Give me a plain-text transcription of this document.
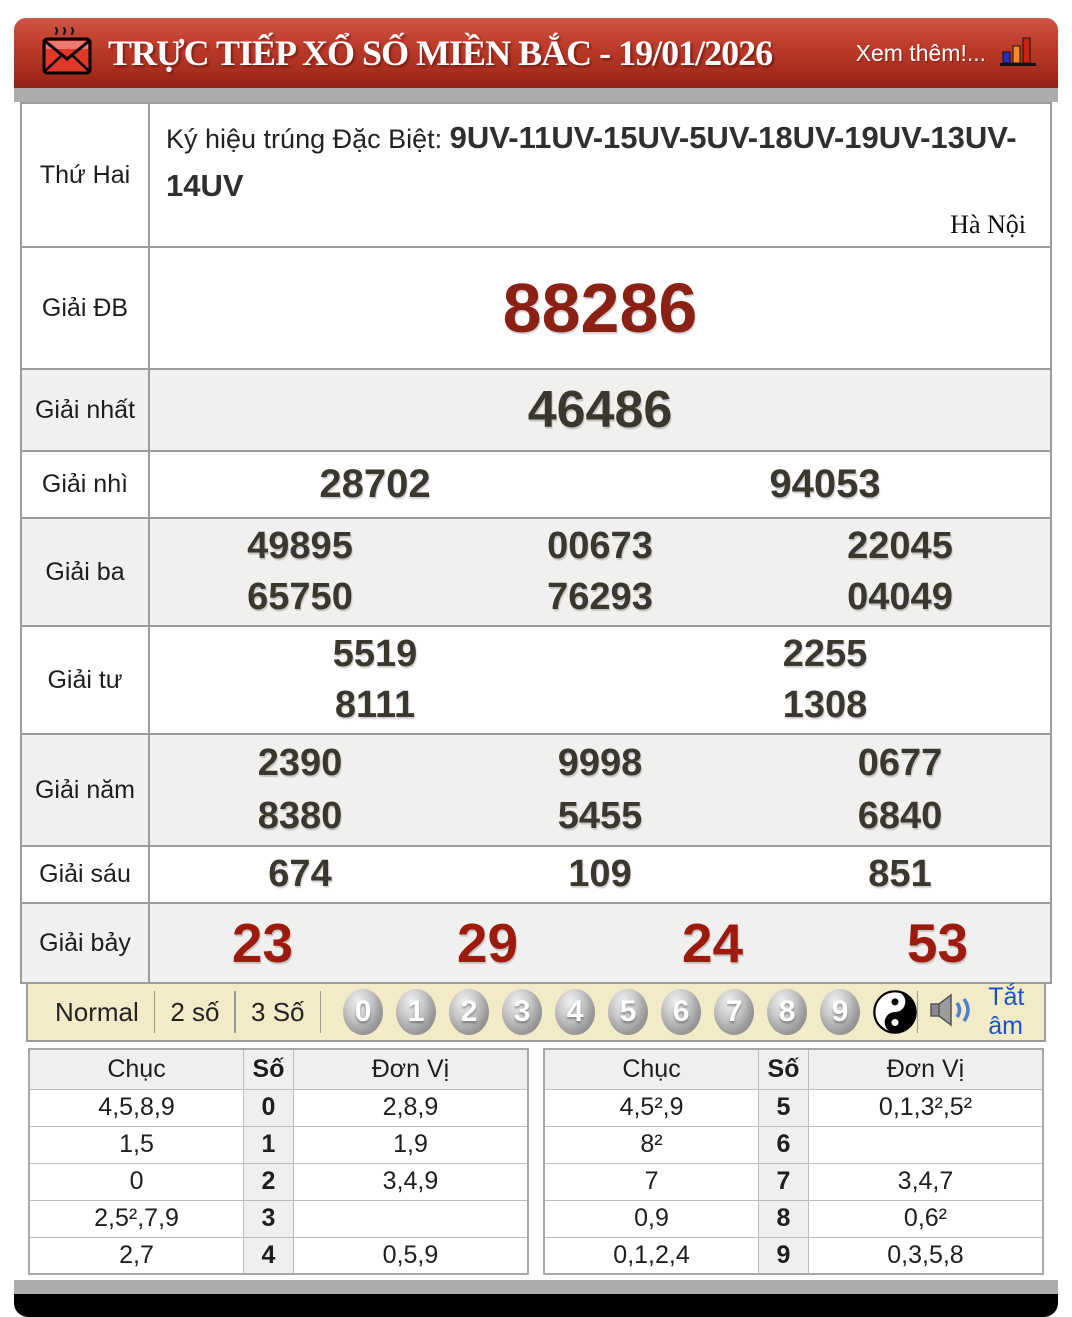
TRỰC TIẾP XỔ SỐ MIỀN BẮC - 19/01/2026	Xem thêm!...
Thứ Hai	Ký hiệu trúng Đặc Biệt: 9UV-11UV-15UV-5UV-18UV-19UV-13UV-14UV
Hà Nội

Giải ĐB	88286

Giải nhất	46486

Giải nhì	28702 94053

Giải ba	
49895	00673	22045
65750	76293	04049

Giải tư	5519 2255
8111 1308

Giải năm	
2390	9998	0677
8380	5455	6840

Giải sáu	674 109 851

Giải bảy	23 29 24 53
Normal	2 số	3 Số	0	1	2	3	4	5	6	7	8	9	Tắt âm
Chục	Số	Đơn Vị
4,5,8,9	0	2,8,9
1,5	1	1,9
0	2	3,4,9
2,5²,7,9	3	
2,7	4	0,5,9
Chục	Số	Đơn Vị
4,5²,9	5	0,1,3²,5²
8²	6	
7	7	3,4,7
0,9	8	0,6²
0,1,2,4	9	0,3,5,8
